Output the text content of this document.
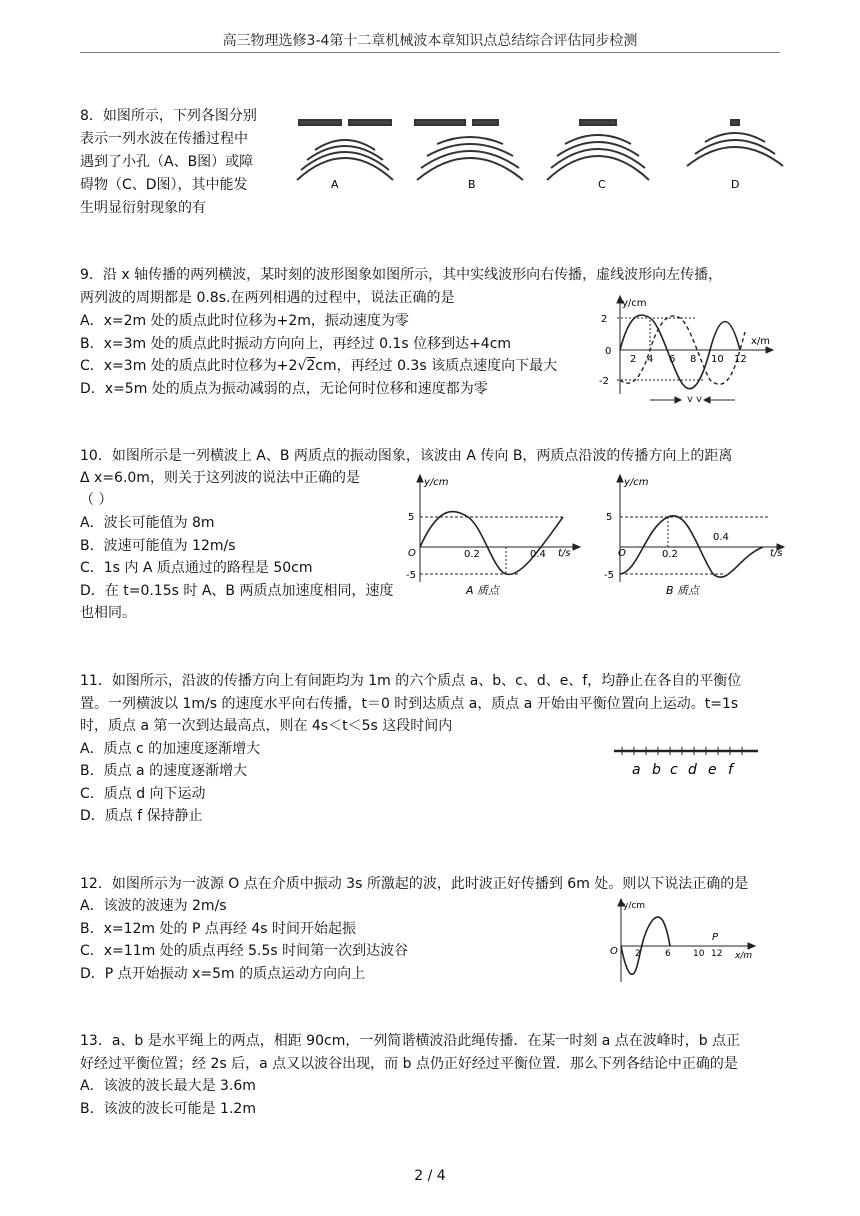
高三物理选修3-4第十二章机械波本章知识点总结综合评估同步检测
8．如图所示，下列各图分别
表示一列水波在传播过程中
遇到了小孔（A、B图）或障
碍物（C、D图），其中能发
生明显衍射现象的有
A	B	C	D
9．沿 x 轴传播的两列横波，某时刻的波形图象如图所示，其中实线波形向右传播，虚线波形向左传播，
两列波的周期都是 0.8s.在两列相遇的过程中，说法正确的是
A．x=2m 处的质点此时位移为+2m，振动速度为零
B．x=3m 处的质点此时振动方向向上，再经过 0.1s 位移到达+4cm
C．x=3m 处的质点此时位移为+2√2cm，再经过 0.3s 该质点速度向下最大
D．x=5m 处的质点为振动减弱的点，无论何时位移和速度都为零
v v
y/cm
x/m
2
0
-2
2 4 6 8 10 12
10．如图所示是一列横波上 A、B 两质点的振动图象，该波由 A 传向 B，两质点沿波的传播方向上的距离
Δ x=6.0m，则关于这列波的说法中正确的是
（ ）
A．波长可能值为 8m
B．波速可能值为 12m/s
C．1s 内 A 质点通过的路程是 50cm
D．在 t=0.15s 时 A、B 两质点加速度相同，速度
也相同。
y/cm
5
-5
O	0.2	0.4 t/s
A 质点
y/cm
5
-5
O	0.2
0.4
t/s
B 质点
11．如图所示，沿波的传播方向上有间距均为 1m 的六个质点 a、b、c、d、e、f，均静止在各自的平衡位
置。一列横波以 1m/s 的速度水平向右传播，t＝0 时到达质点 a，质点 a 开始由平衡位置向上运动。t=1s
时，质点 a 第一次到达最高点，则在 4s＜t＜5s 这段时间内
A．质点 c 的加速度逐渐增大
B．质点 a 的速度逐渐增大
C．质点 d 向下运动
D．质点 f 保持静止
a b c d e f
12．如图所示为一波源 O 点在介质中振动 3s 所激起的波，此时波正好传播到 6m 处。则以下说法正确的是
A．该波的波速为 2m/s
B．x=12m 处的 P 点再经 4s 时间开始起振
C．x=11m 处的质点再经 5.5s 时间第一次到达波谷
D．P 点开始振动 x=5m 的质点运动方向向上
y/cm
x/m
O
P
2	6 10 12
13．a、b 是水平绳上的两点，相距 90cm，一列简谐横波沿此绳传播．在某一时刻 a 点在波峰时，b 点正
好经过平衡位置；经 2s 后，a 点又以波谷出现，而 b 点仍正好经过平衡位置．那么下列各结论中正确的是
A．该波的波长最大是 3.6m
B．该波的波长可能是 1.2m
2 / 4
